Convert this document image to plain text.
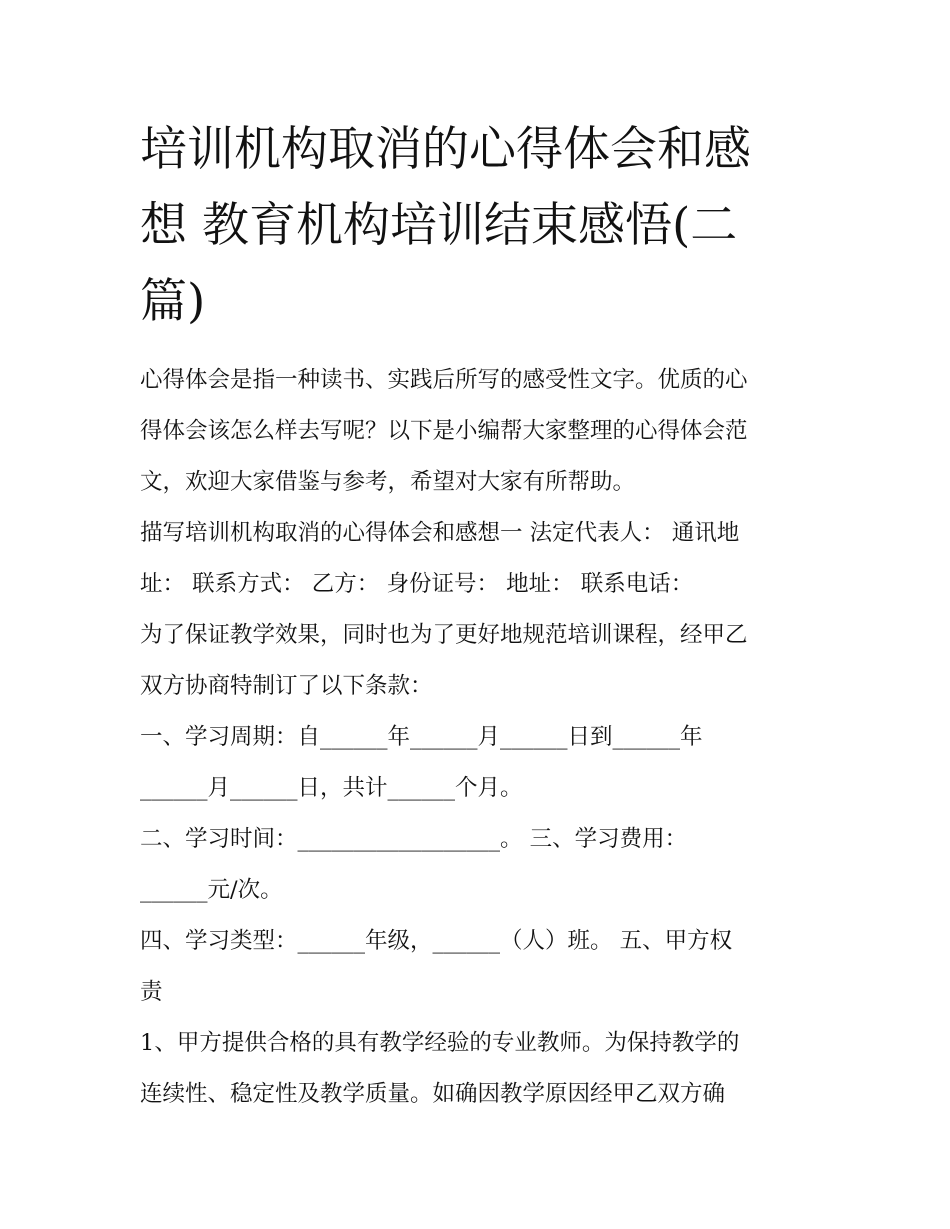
培训机构取消的心得体会和感
想 教育机构培训结束感悟(二
篇)
心得体会是指一种读书、实践后所写的感受性文字。优质的心
得体会该怎么样去写呢？以下是小编帮大家整理的心得体会范
文，欢迎大家借鉴与参考，希望对大家有所帮助。
描写培训机构取消的心得体会和感想一 法定代表人： 通讯地
址： 联系方式： 乙方： 身份证号： 地址： 联系电话：
为了保证教学效果，同时也为了更好地规范培训课程，经甲乙
双方协商特制订了以下条款：
一、学习周期：自______年______月______日到______年
______月______日，共计______个月。
二、学习时间：__________________。 三、学习费用：
______元/次。
四、学习类型：______年级，______（人）班。 五、甲方权
责
1、甲方提供合格的具有教学经验的专业教师。为保持教学的
连续性、稳定性及教学质量。如确因教学原因经甲乙双方确
